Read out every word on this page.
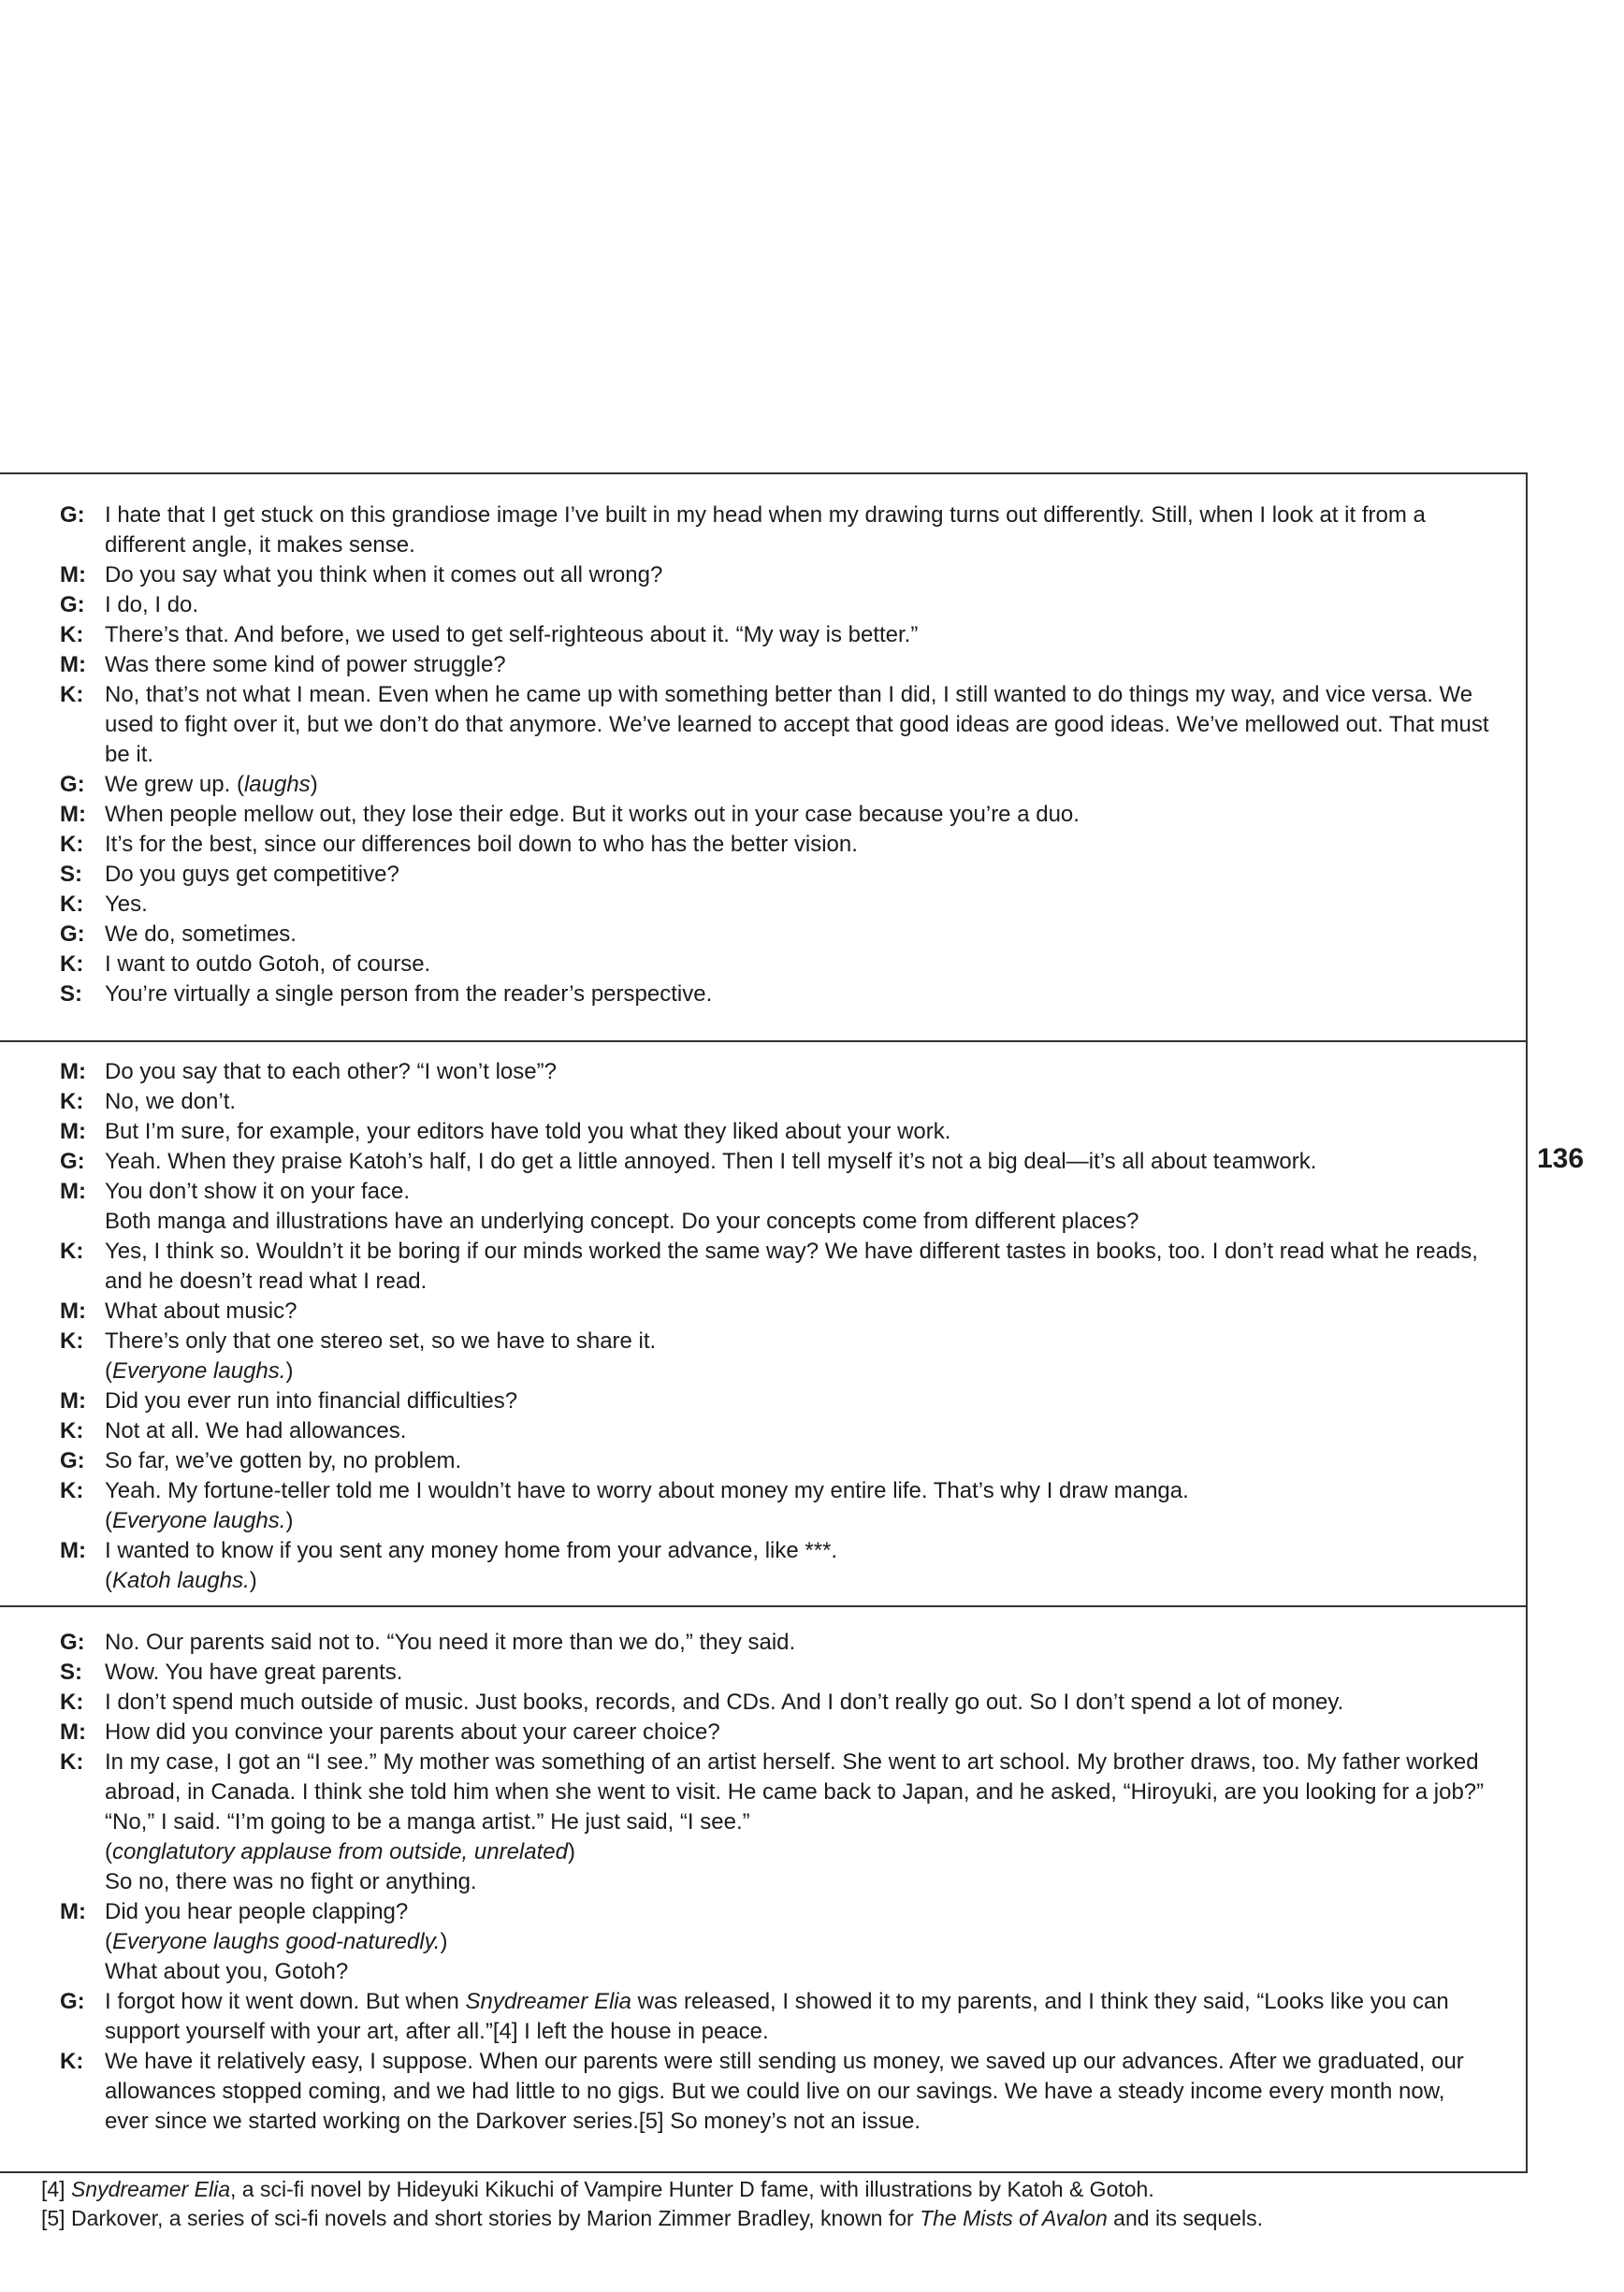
G: I hate that I get stuck on this grandiose image I’ve built in my head when my drawing turns out differently. Still, when I look at it from a different angle, it makes sense.
M: Do you say what you think when it comes out all wrong?
G: I do, I do.
K: There’s that. And before, we used to get self-righteous about it. “My way is better.”
M: Was there some kind of power struggle?
K: No, that’s not what I mean. Even when he came up with something better than I did, I still wanted to do things my way, and vice versa. We used to fight over it, but we don’t do that anymore. We’ve learned to accept that good ideas are good ideas. We’ve mellowed out. That must be it.
G: We grew up. (laughs)
M: When people mellow out, they lose their edge. But it works out in your case because you’re a duo.
K: It’s for the best, since our differences boil down to who has the better vision.
S: Do you guys get competitive?
K: Yes.
G: We do, sometimes.
K: I want to outdo Gotoh, of course.
S: You’re virtually a single person from the reader’s perspective.
M: Do you say that to each other? “I won’t lose”?
K: No, we don’t.
M: But I’m sure, for example, your editors have told you what they liked about your work.
G: Yeah. When they praise Katoh’s half, I do get a little annoyed. Then I tell myself it’s not a big deal—it’s all about teamwork.
M: You don’t show it on your face.
Both manga and illustrations have an underlying concept. Do your concepts come from different places?
K: Yes, I think so. Wouldn’t it be boring if our minds worked the same way? We have different tastes in books, too. I don’t read what he reads, and he doesn’t read what I read.
M: What about music?
K: There’s only that one stereo set, so we have to share it.
(Everyone laughs.)
M: Did you ever run into financial difficulties?
K: Not at all. We had allowances.
G: So far, we’ve gotten by, no problem.
K: Yeah. My fortune-teller told me I wouldn’t have to worry about money my entire life. That’s why I draw manga.
(Everyone laughs.)
M: I wanted to know if you sent any money home from your advance, like ***.
(Katoh laughs.)
G: No. Our parents said not to. “You need it more than we do,” they said.
S: Wow. You have great parents.
K: I don’t spend much outside of music. Just books, records, and CDs. And I don’t really go out. So I don’t spend a lot of money.
M: How did you convince your parents about your career choice?
K: In my case, I got an “I see.” My mother was something of an artist herself. She went to art school. My brother draws, too. My father worked abroad, in Canada. I think she told him when she went to visit. He came back to Japan, and he asked, “Hiroyuki, are you looking for a job?” “No,” I said. “I’m going to be a manga artist.” He just said, “I see.”
(conglatutory applause from outside, unrelated)
So no, there was no fight or anything.
M: Did you hear people clapping?
(Everyone laughs good-naturedly.)
What about you, Gotoh?
G: I forgot how it went down. But when Snydreamer Elia was released, I showed it to my parents, and I think they said, “Looks like you can support yourself with your art, after all.”[4] I left the house in peace.
K: We have it relatively easy, I suppose. When our parents were still sending us money, we saved up our advances. After we graduated, our allowances stopped coming, and we had little to no gigs. But we could live on our savings. We have a steady income every month now, ever since we started working on the Darkover series.[5] So money’s not an issue.
136
[4] Snydreamer Elia, a sci-fi novel by Hideyuki Kikuchi of Vampire Hunter D fame, with illustrations by Katoh & Gotoh.
[5] Darkover, a series of sci-fi novels and short stories by Marion Zimmer Bradley, known for The Mists of Avalon and its sequels.
